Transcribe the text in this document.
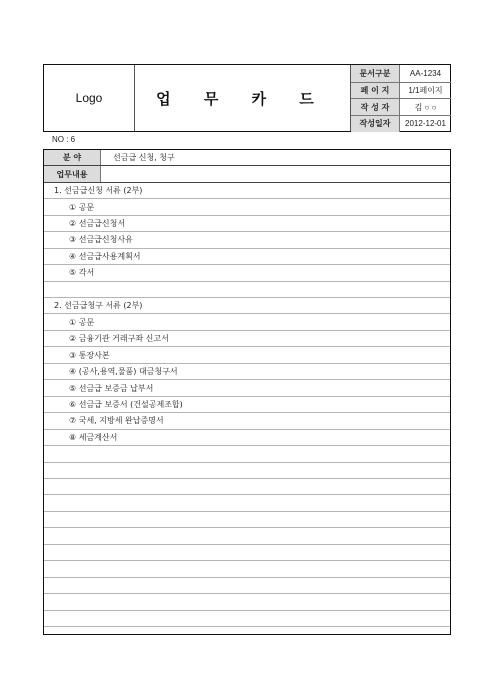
Logo	업 무 카 드
문서구분	AA-1234
페 이 지	1/1페이지
작 성 자	김 ○ ○
작성일자	2012-12-01
NO : 6
분 야	선금급 신청, 청구
업무내용
1. 선금급신청 서류 (2부)
① 공문
② 선금급신청서
③ 선금급신청사유
④ 선금급사용계획서
⑤ 각서
2. 선금급청구 서류 (2부)
① 공문
② 금융기관 거래구좌 신고서
③ 통장사본
④ (공사,용역,물품) 대금청구서
⑤ 선금급 보증금 납부서
⑥ 선금급 보증서 (건설공제조합)
⑦ 국세, 지방세 완납증명서
⑧ 세금계산서
